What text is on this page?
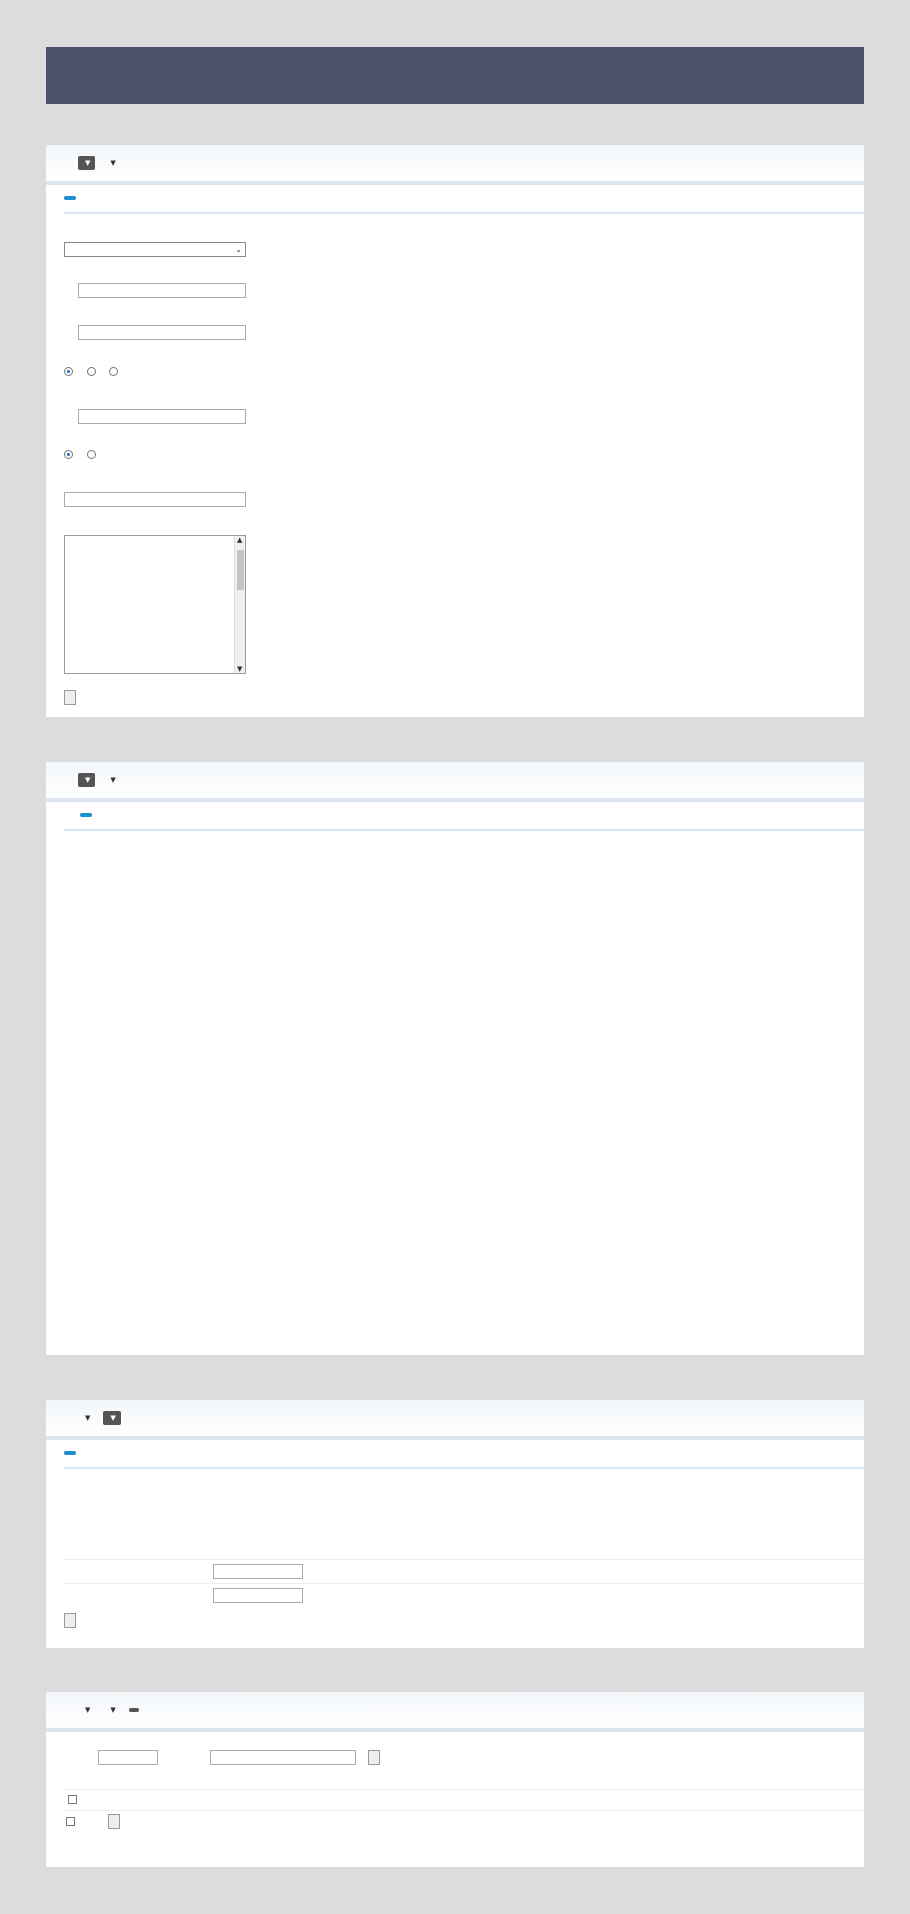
▼	▼
⌄

▲
▼
▼	▼
▼	▼
▼	▼
